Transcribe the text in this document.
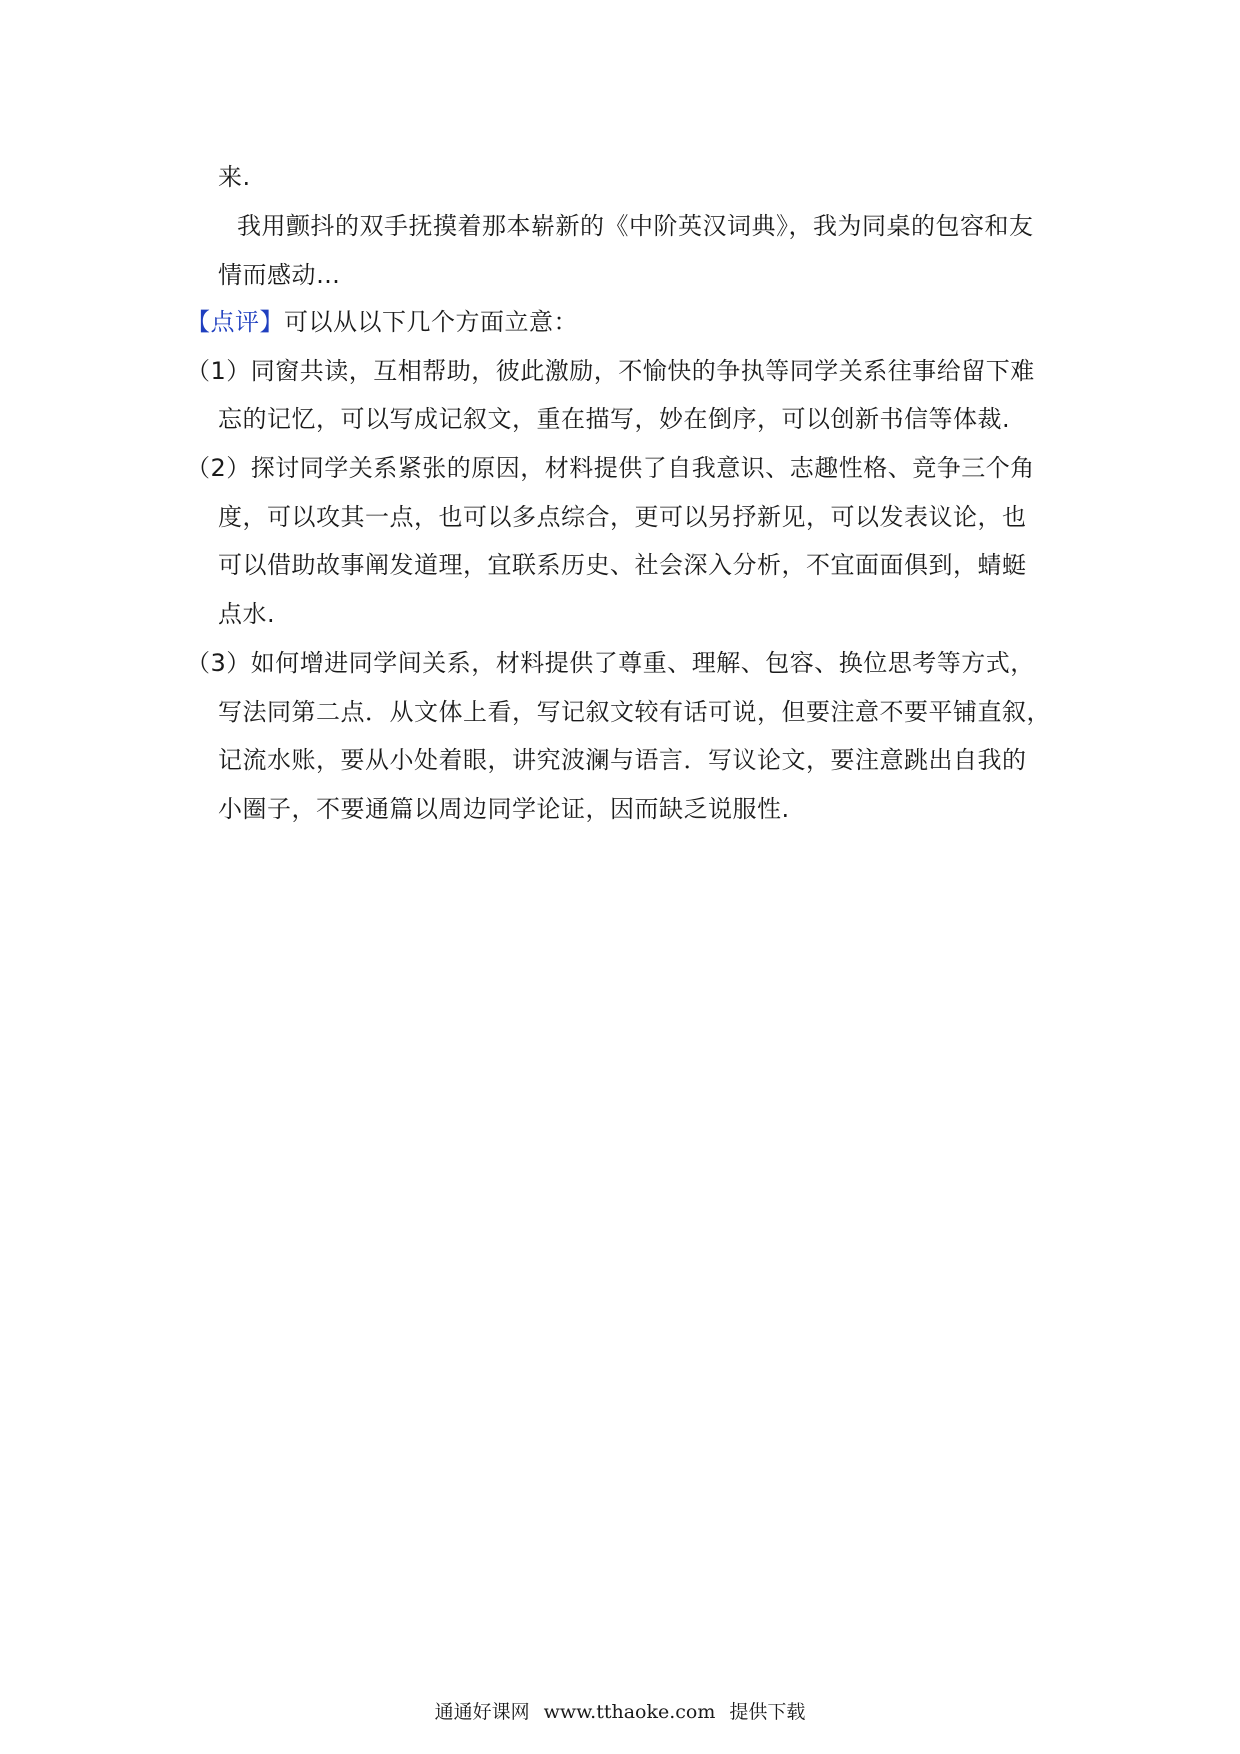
来.
我用颤抖的双手抚摸着那本崭新的《中阶英汉词典》，我为同桌的包容和友
情而感动…
【点评】可以从以下几个方面立意：
（1）同窗共读，互相帮助，彼此激励，不愉快的争执等同学关系往事给留下难
忘的记忆，可以写成记叙文，重在描写，妙在倒序，可以创新书信等体裁.
（2）探讨同学关系紧张的原因，材料提供了自我意识、志趣性格、竞争三个角
度，可以攻其一点，也可以多点综合，更可以另抒新见，可以发表议论，也
可以借助故事阐发道理，宜联系历史、社会深入分析，不宜面面俱到，蜻蜓
点水.
（3）如何增进同学间关系，材料提供了尊重、理解、包容、换位思考等方式，
写法同第二点．从文体上看，写记叙文较有话可说，但要注意不要平铺直叙，
记流水账，要从小处着眼，讲究波澜与语言．写议论文，要注意跳出自我的
小圈子，不要通篇以周边同学论证，因而缺乏说服性.
通通好课网 www.tthaoke.com 提供下载
